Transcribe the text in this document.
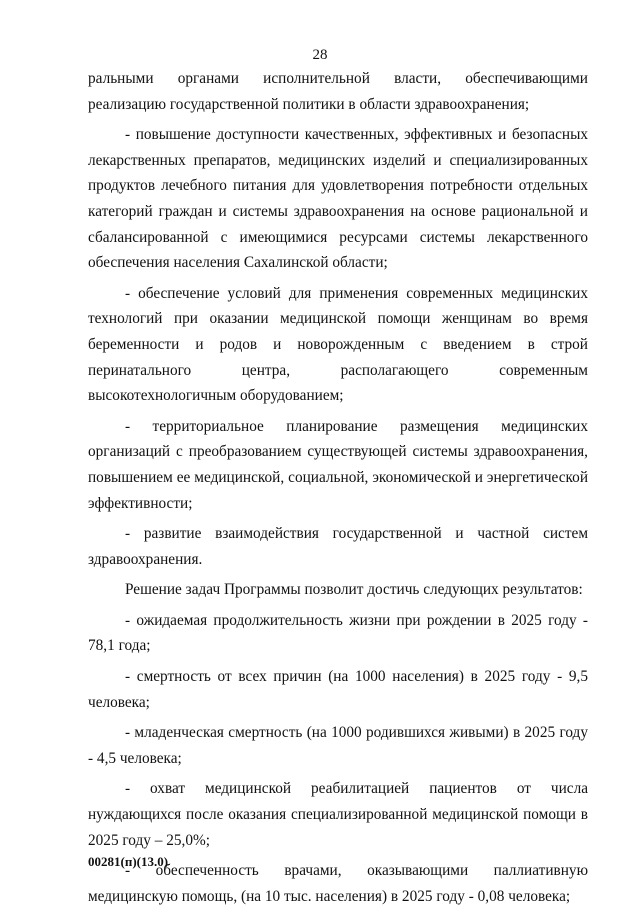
28

ральными органами исполнительной власти, обеспечивающими реализацию государственной политики в области здравоохранения;

- повышение доступности качественных, эффективных и безопасных лекарственных препаратов, медицинских изделий и специализированных продуктов лечебного питания для удовлетворения потребности отдельных категорий граждан и системы здравоохранения на основе рациональной и сбалансированной с имеющимися ресурсами системы лекарственного обеспечения населения Сахалинской области;

- обеспечение условий для применения современных медицинских технологий при оказании медицинской помощи женщинам во время беременности и родов и новорожденным с введением в строй перинатального центра, располагающего современным высокотехнологичным оборудованием;

- территориальное планирование размещения медицинских организаций с преобразованием существующей системы здравоохранения, повышением ее медицинской, социальной, экономической и энергетической эффективности;

- развитие взаимодействия государственной и частной систем здравоохранения.

Решение задач Программы позволит достичь следующих результатов:

- ожидаемая продолжительность жизни при рождении в 2025 году - 78,1 года;

- смертность от всех причин (на 1000 населения) в 2025 году - 9,5 человека;

- младенческая смертность (на 1000 родившихся живыми) в 2025 году - 4,5 человека;

- охват медицинской реабилитацией пациентов от числа нуждающихся после оказания специализированной медицинской помощи в 2025 году – 25,0%;

- обеспеченность врачами, оказывающими паллиативную медицинскую помощь, (на 10 тыс. населения) в 2025 году - 0,08 человека;

00281(п)(13.0)
